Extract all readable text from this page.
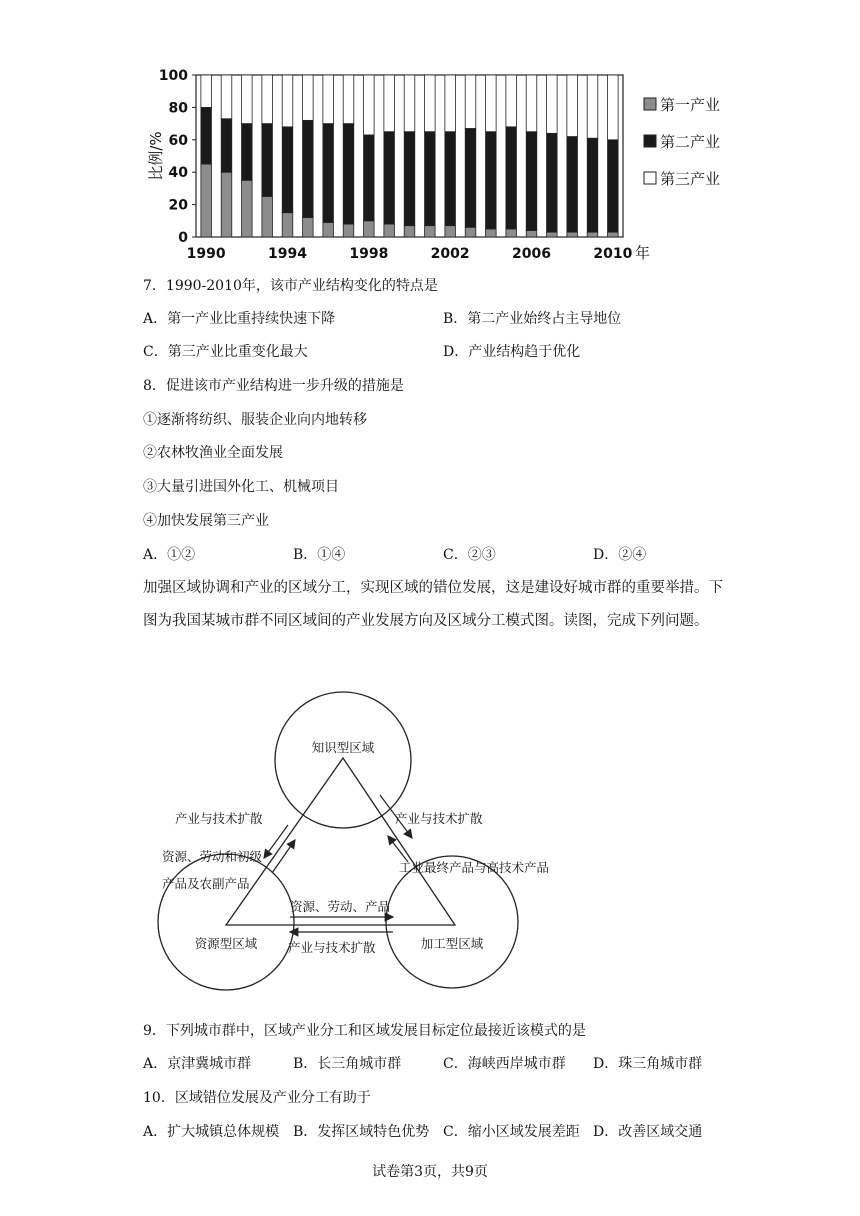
0
20
40
60
80
100
比例/%
1990	1994	1998	2002	2006	2010 年
第一产业
第二产业
第三产业
7．1990-2010年，该市产业结构变化的特点是
A．第一产业比重持续快速下降	B．第二产业始终占主导地位
C．第三产业比重变化最大	D．产业结构趋于优化
8．促进该市产业结构进一步升级的措施是
①逐渐将纺织、服装企业向内地转移
②农林牧渔业全面发展
③大量引进国外化工、机械项目
④加快发展第三产业
A．①②	B．①④	C．②③	D．②④
加强区域协调和产业的区域分工，实现区域的错位发展，这是建设好城市群的重要举措。下图为我国某城市群不同区域间的产业发展方向及区域分工模式图。读图，完成下列问题。
知识型区域
资源型区域	加工型区域
产业与技术扩散
资源、劳动和初级
产品及农副产品
产业与技术扩散
工业最终产品与高技术产品
资源、劳动、产品
产业与技术扩散
9．下列城市群中，区域产业分工和区域发展目标定位最接近该模式的是
A．京津冀城市群	B．长三角城市群	C．海峡西岸城市群 D．珠三角城市群
10．区域错位发展及产业分工有助于
A．扩大城镇总体规模 B．发挥区域特色优势 C．缩小区域发展差距 D．改善区域交通
试卷第3页，共9页
